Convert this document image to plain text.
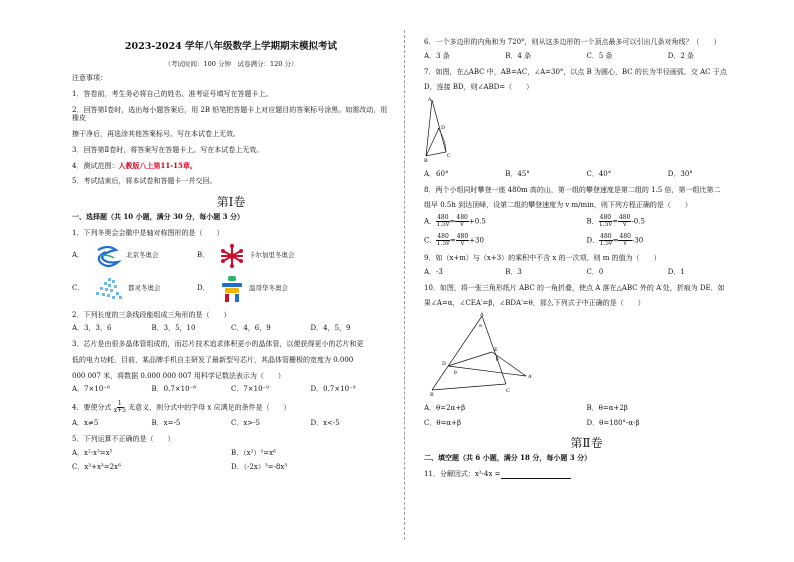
2023-2024 学年八年级数学上学期期末模拟考试
（考试时间：100 分钟　试卷满分：120 分）
注意事项：
1．答卷前，考生务必将自己的姓名、准考证号填写在答题卡上。
2．回答第Ⅰ卷时，选出每小题答案后，用 2B 铅笔把答题卡上对应题目的答案标号涂黑。如需改动，用橡皮
擦干净后，再选涂其他答案标号。写在本试卷上无效。
3．回答第Ⅱ卷时，将答案写在答题卡上。写在本试卷上无效。
4．测试范围：人教版八上第11-15章。
5．考试结束后，将本试卷和答题卡一并交回。
第Ⅰ卷
一、选择题（共 10 小题，满分 30 分，每小题 3 分）
1．下列冬奥会会徽中是轴对称图形的是（　　）
A．	北京冬奥会	B．	卡尔加里冬奥会
C．	都灵冬奥会	D．	温哥华冬奥会
2．下列长度的三条线段能组成三角形的是（　　）
A．3，3，6	B．3，5，10	C．4，6，9	D．4，5，9
3．芯片是由很多晶体管组成的，而芯片技术追求体积更小的晶体管，以便获得更小的芯片和更
低的电力功耗，目前，某品牌手机自主研发了最新型号芯片，其晶体管栅极的宽度为 0.000
000 007 米，将数据 0.000 000 007 用科学记数法表示为（　　）
A．7×10⁻⁸	B．0.7×10⁻⁸	C．7×10⁻⁹	D．0.7×10⁻⁹
4．要使分式 $\frac{1}{x+5}$ 无意义，则分式中的字母 x 应满足的条件是（　　）
A．x≠5	B．x=-5	C．x>-5	D．x<-5
5．下列运算不正确的是（　　）
A．x²·x³=x⁵	B．（x²）³=x⁶
C．x³+x³=2x⁶	D．（-2x）³=-8x³
6．一个多边形的内角和为 720°，则从这多边形的一个顶点最多可以引出几条对角线？（　　）
A．3 条	B．4 条	C．5 条	D．2 条
7．如图，在△ABC 中，AB=AC，∠A=30°，以点 B 为圆心，BC 的长为半径画弧，交 AC 于点
D，连接 BD，则∠ABD=（　　）
A
B
C
D
A．60°	B．45°	C．40°	D．30°
8．两个小组同时攀登一座 480m 高的山，第一组的攀登速度是第二组的 1.5 倍，第一组比第二
组早 0.5h 到达顶峰，设第二组的攀登速度为 v m/min，则下列方程正确的是（　　）
A． $\frac{480}{1.5v} = \frac{480}{v} +0.5$	B． $\frac{480}{1.5v} = \frac{480}{v} -0.5$
C． $\frac{480}{1.5v} = \frac{480}{v} +30$	D． $\frac{480}{1.5v} = \frac{480}{v} -30$
9．如（x+m）与（x+3）的乘积中不含 x 的一次项，则 m 的值为（　　）
A．-3	B．3	C．0	D．1
10．如图，将一张三角形纸片 ABC 的一角折叠，使点 A 落在△ABC 外的 A′处，折痕为 DE．如
果∠A=α，∠CEA′=β，∠BDA′=θ，那么下列式子中正确的是（　　）
A
B
C
D
E
A′
α
β
θ
A．θ=2α+β	B．θ=α+2β
C．θ=α+β	D．θ=180°-α-β
第Ⅱ卷
二、填空题（共 6 小题，满分 18 分，每小题 3 分）
11．分解因式：x³-4x =
